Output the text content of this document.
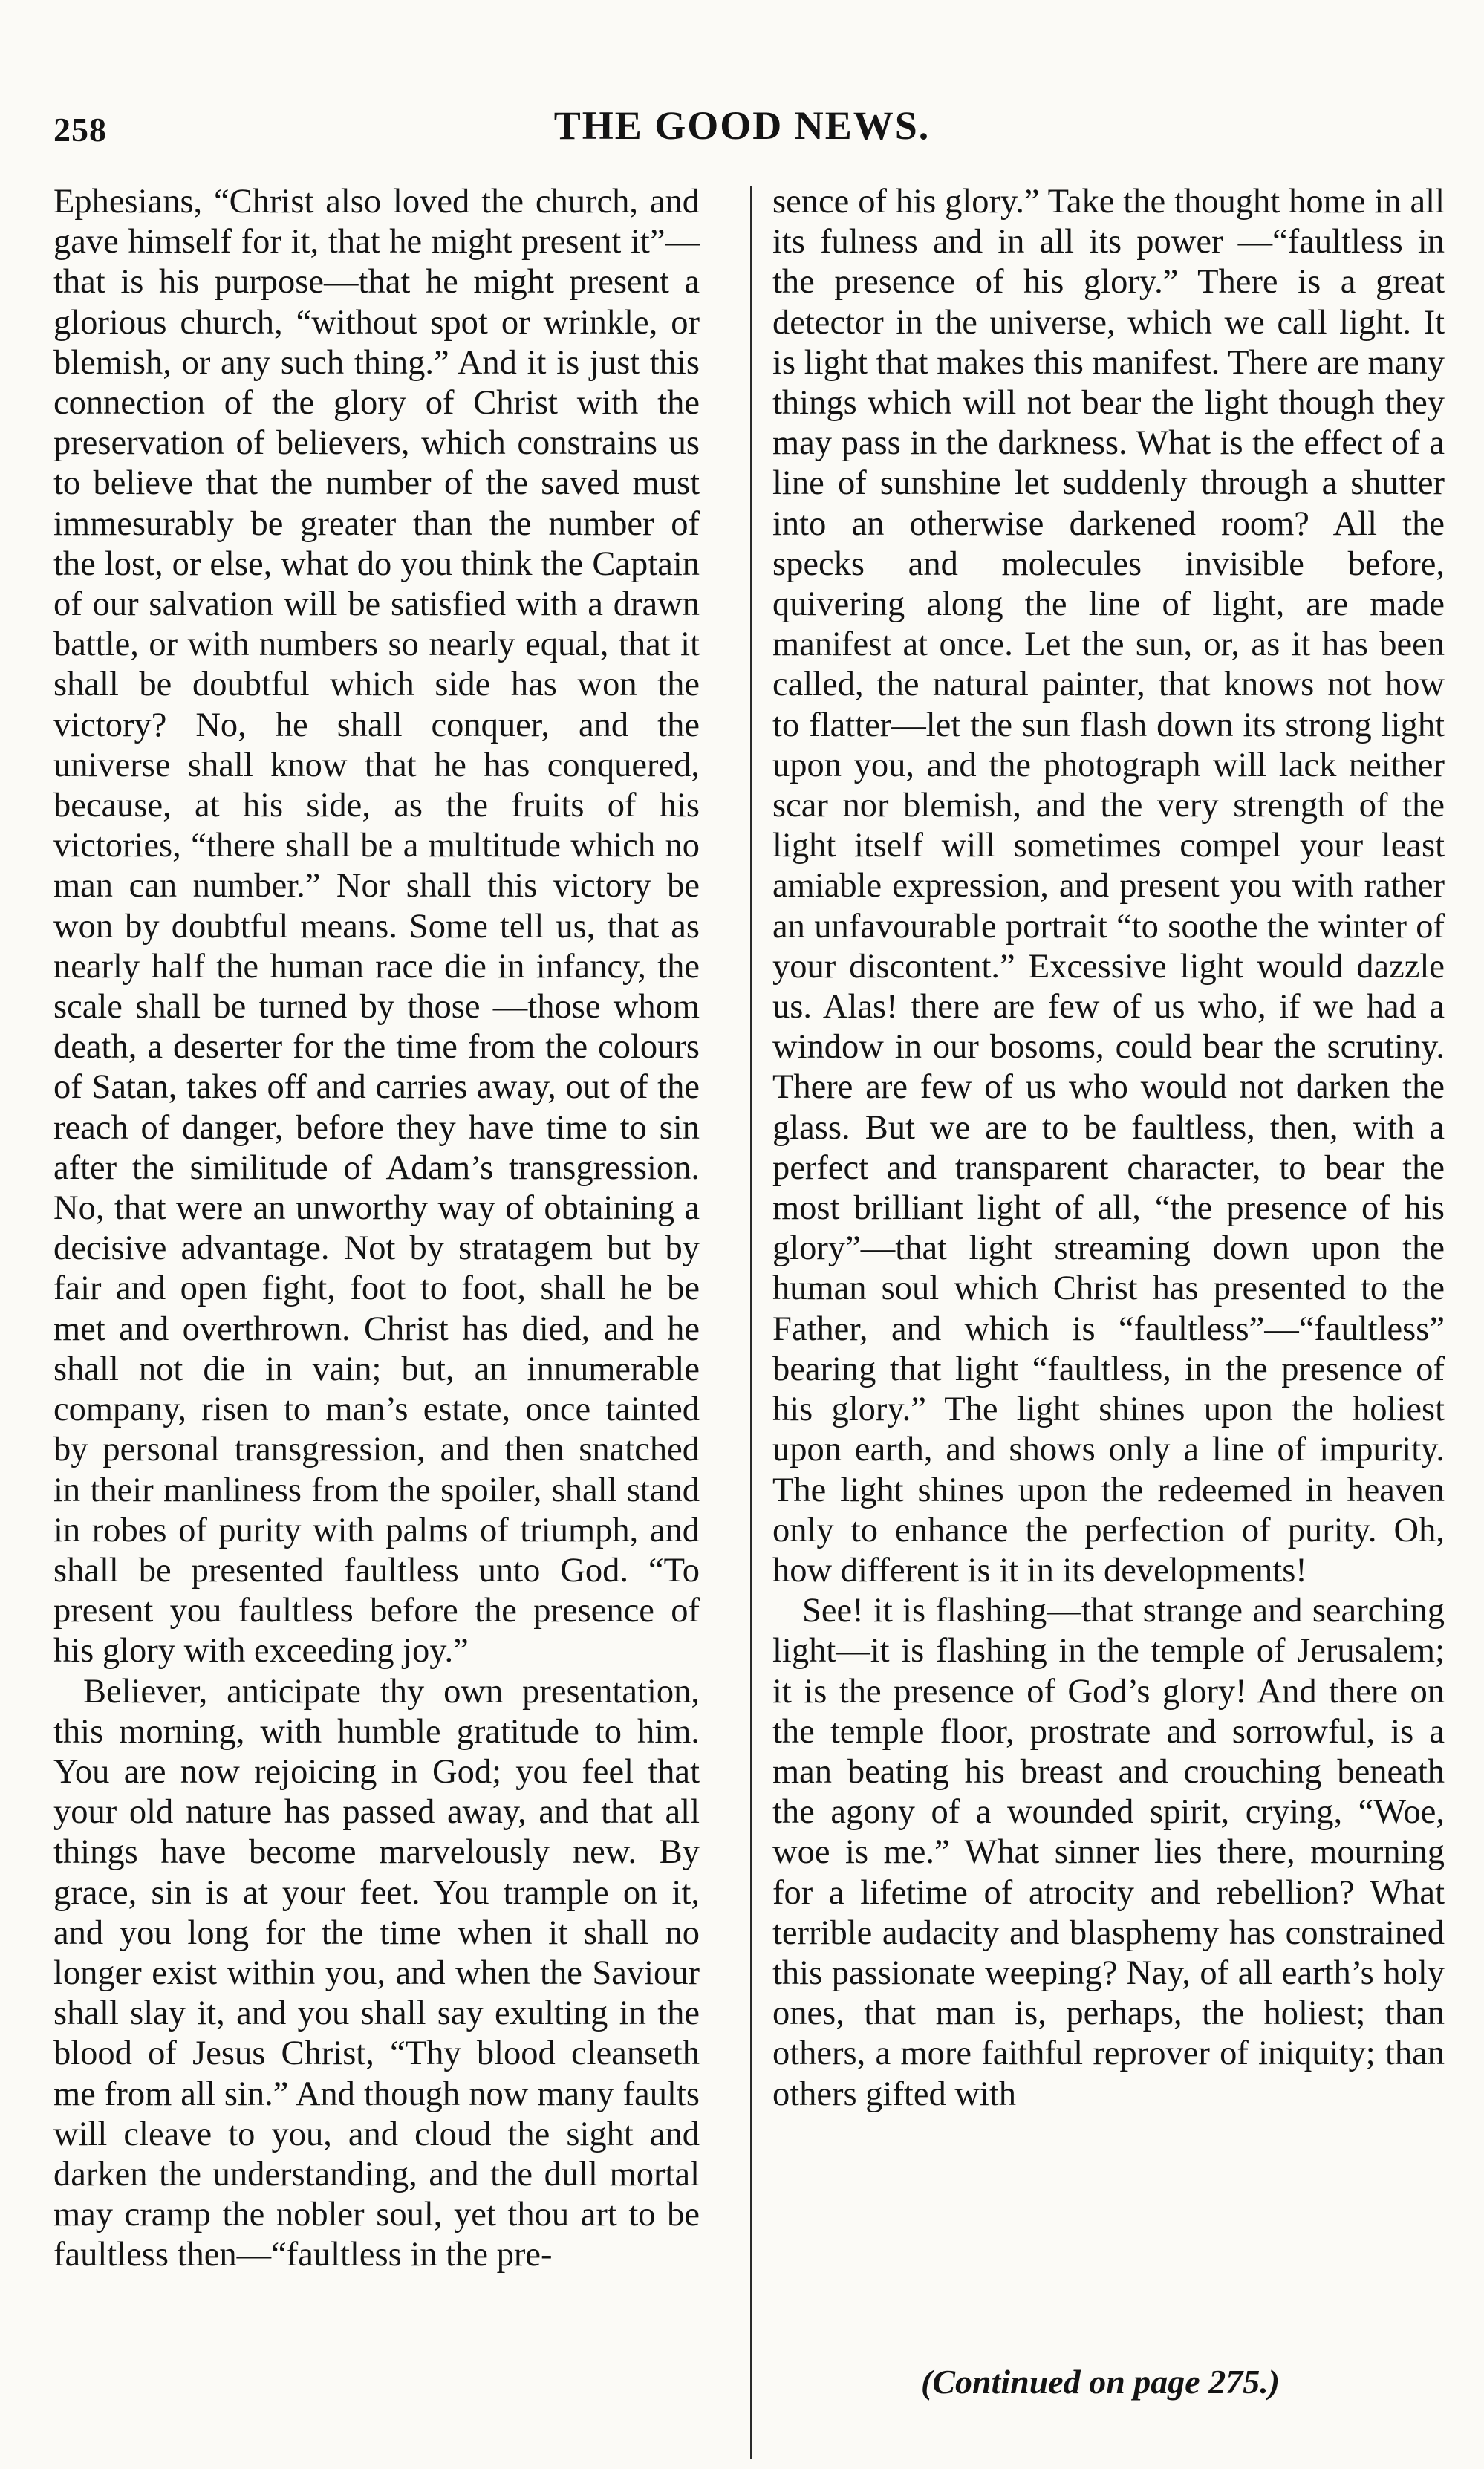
258	THE GOOD NEWS.

Ephesians, “Christ also loved the church, and gave himself for it, that he might present it”—that is his purpose—that he might present a glorious church, “without spot or wrinkle, or blemish, or any such thing.” And it is just this connection of the glory of Christ with the preservation of believers, which constrains us to believe that the number of the saved must immesurably be greater than the number of the lost, or else, what do you think the Captain of our salvation will be satisfied with a drawn battle, or with numbers so nearly equal, that it shall be doubtful which side has won the victory? No, he shall conquer, and the universe shall know that he has conquered, because, at his side, as the fruits of his victories, “there shall be a multitude which no man can number.” Nor shall this victory be won by doubtful means. Some tell us, that as nearly half the human race die in infancy, the scale shall be turned by those —those whom death, a deserter for the time from the colours of Satan, takes off and carries away, out of the reach of danger, before they have time to sin after the similitude of Adam’s transgression. No, that were an unworthy way of obtaining a decisive advantage. Not by stratagem but by fair and open fight, foot to foot, shall he be met and overthrown. Christ has died, and he shall not die in vain; but, an innumerable company, risen to man’s estate, once tainted by personal transgression, and then snatched in their manliness from the spoiler, shall stand in robes of purity with palms of triumph, and shall be presented faultless unto God. “To present you faultless before the presence of his glory with exceeding joy.”

Believer, anticipate thy own presentation, this morning, with humble gratitude to him. You are now rejoicing in God; you feel that your old nature has passed away, and that all things have become marvelously new. By grace, sin is at your feet. You trample on it, and you long for the time when it shall no longer exist within you, and when the Saviour shall slay it, and you shall say exulting in the blood of Jesus Christ, “Thy blood cleanseth me from all sin.” And though now many faults will cleave to you, and cloud the sight and darken the understanding, and the dull mortal may cramp the nobler soul, yet thou art to be faultless then—“faultless in the pre-

sence of his glory.” Take the thought home in all its fulness and in all its power —“faultless in the presence of his glory.” There is a great detector in the universe, which we call light. It is light that makes this manifest. There are many things which will not bear the light though they may pass in the darkness. What is the effect of a line of sunshine let suddenly through a shutter into an otherwise darkened room? All the specks and molecules invisible before, quivering along the line of light, are made manifest at once. Let the sun, or, as it has been called, the natural painter, that knows not how to flatter—let the sun flash down its strong light upon you, and the photograph will lack neither scar nor blemish, and the very strength of the light itself will sometimes compel your least amiable expression, and present you with rather an unfavourable portrait “to soothe the winter of your discontent.” Excessive light would dazzle us. Alas! there are few of us who, if we had a window in our bosoms, could bear the scrutiny. There are few of us who would not darken the glass. But we are to be faultless, then, with a perfect and transparent character, to bear the most brilliant light of all, “the presence of his glory”—that light streaming down upon the human soul which Christ has presented to the Father, and which is “faultless”—“faultless” bearing that light “faultless, in the presence of his glory.” The light shines upon the holiest upon earth, and shows only a line of impurity. The light shines upon the redeemed in heaven only to enhance the perfection of purity. Oh, how different is it in its developments!

See! it is flashing—that strange and searching light—it is flashing in the temple of Jerusalem; it is the presence of God’s glory! And there on the temple floor, prostrate and sorrowful, is a man beating his breast and crouching beneath the agony of a wounded spirit, crying, “Woe, woe is me.” What sinner lies there, mourning for a lifetime of atrocity and rebellion? What terrible audacity and blasphemy has constrained this passionate weeping? Nay, of all earth’s holy ones, that man is, perhaps, the holiest; than others, a more faithful reprover of iniquity; than others gifted with

(Continued on page 275.)
